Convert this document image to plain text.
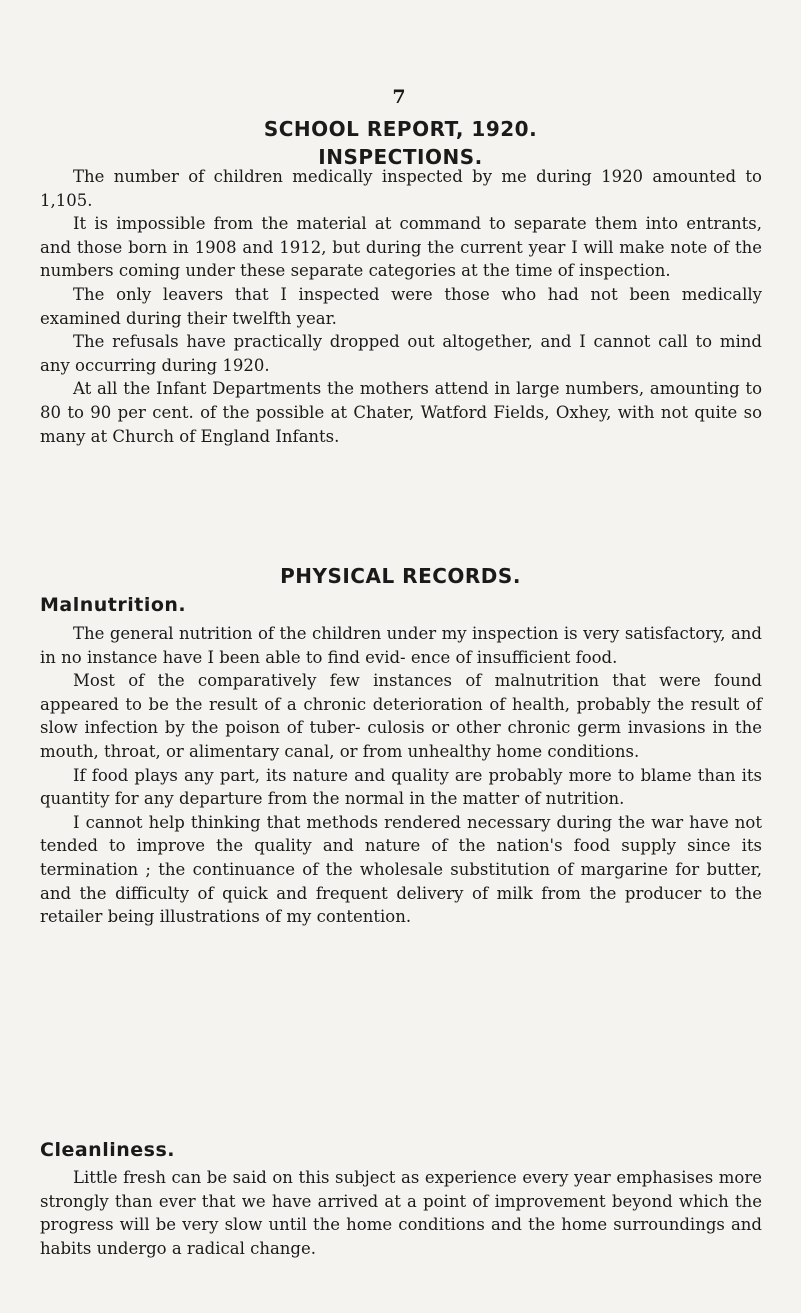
7
SCHOOL REPORT, 1920.
INSPECTIONS.

The number of children medically inspected by me during 1920 amounted to 1,105.

It is impossible from the material at command to separate them into entrants, and those born in 1908 and 1912, but during the current year I will make note of the numbers coming under these separate categories at the time of inspection.

The only leavers that I inspected were those who had not been medically examined during their twelfth year.

The refusals have practically dropped out altogether, and I cannot call to mind any occurring during 1920.

At all the Infant Departments the mothers attend in large numbers, amounting to 80 to 90 per cent. of the possible at Chater, Watford Fields, Oxhey, with not quite so many at Church of England Infants.

PHYSICAL RECORDS.
Malnutrition.

The general nutrition of the children under my inspection is very satisfactory, and in no instance have I been able to find evid- ence of insufficient food.

Most of the comparatively few instances of malnutrition that were found appeared to be the result of a chronic deterioration of health, probably the result of slow infection by the poison of tuber- culosis or other chronic germ invasions in the mouth, throat, or alimentary canal, or from unhealthy home conditions.

If food plays any part, its nature and quality are probably more to blame than its quantity for any departure from the normal in the matter of nutrition.

I cannot help thinking that methods rendered necessary during the war have not tended to improve the quality and nature of the nation's food supply since its termination ; the continuance of the wholesale substitution of margarine for butter, and the difficulty of quick and frequent delivery of milk from the producer to the retailer being illustrations of my contention.

Cleanliness.

Little fresh can be said on this subject as experience every year emphasises more strongly than ever that we have arrived at a point of improvement beyond which the progress will be very slow until the home conditions and the home surroundings and habits undergo a radical change.
